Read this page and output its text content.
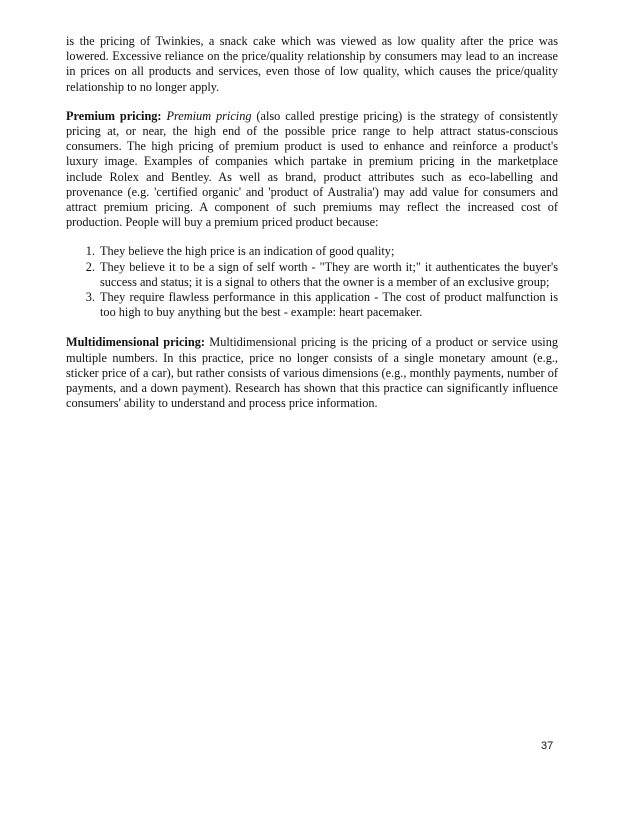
is the pricing of Twinkies, a snack cake which was viewed as low quality after the price was lowered. Excessive reliance on the price/quality relationship by consumers may lead to an increase in prices on all products and services, even those of low quality, which causes the price/quality relationship to no longer apply.

Premium pricing: Premium pricing (also called prestige pricing) is the strategy of consistently pricing at, or near, the high end of the possible price range to help attract status-conscious consumers. The high pricing of premium product is used to enhance and reinforce a product's luxury image. Examples of companies which partake in premium pricing in the marketplace include Rolex and Bentley. As well as brand, product attributes such as eco-labelling and provenance (e.g. 'certified organic' and 'product of Australia') may add value for consumers and attract premium pricing. A component of such premiums may reflect the increased cost of production. People will buy a premium priced product because:

1. They believe the high price is an indication of good quality;
2. They believe it to be a sign of self worth - "They are worth it;" it authenticates the buyer's success and status; it is a signal to others that the owner is a member of an exclusive group;
3. They require flawless performance in this application - The cost of product malfunction is too high to buy anything but the best - example: heart pacemaker.

Multidimensional pricing: Multidimensional pricing is the pricing of a product or service using multiple numbers. In this practice, price no longer consists of a single monetary amount (e.g., sticker price of a car), but rather consists of various dimensions (e.g., monthly payments, number of payments, and a down payment). Research has shown that this practice can significantly influence consumers' ability to understand and process price information.

37
